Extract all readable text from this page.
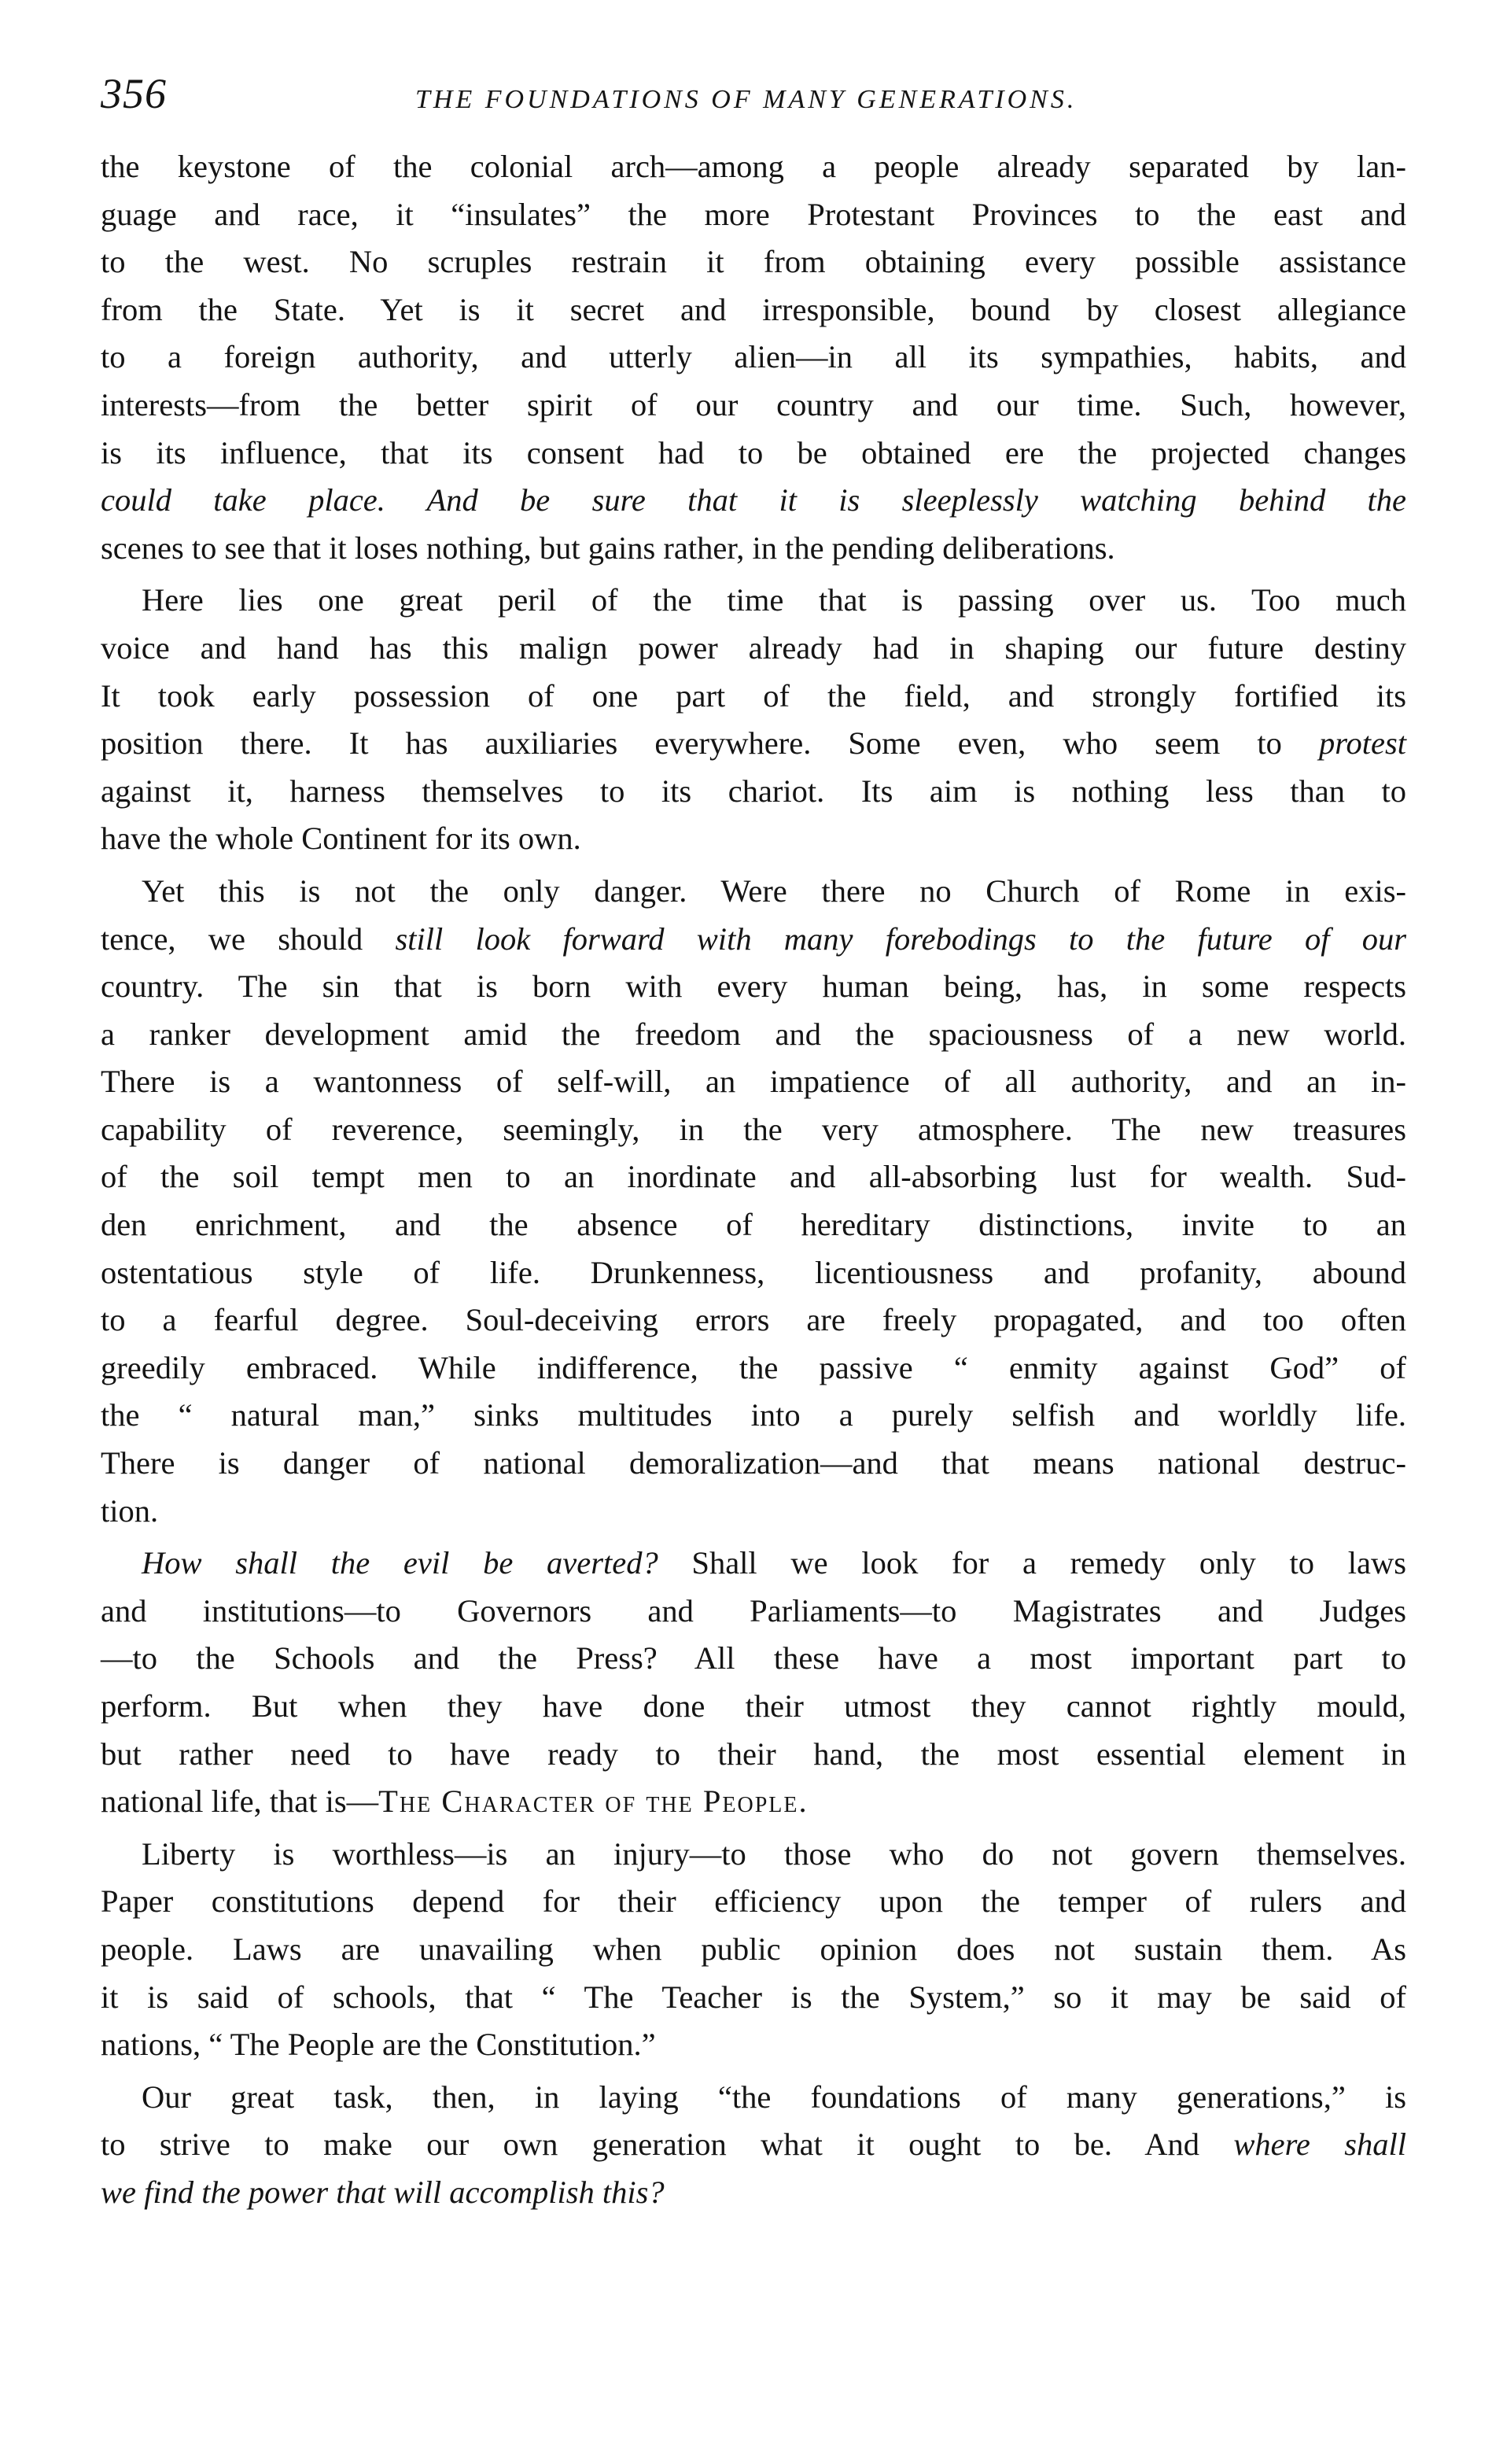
356	THE FOUNDATIONS OF MANY GENERATIONS.
the keystone of the colonial arch—among a people already separated by lan-
guage and race, it “insulates” the more Protestant Provinces to the east and
to the west. No scruples restrain it from obtaining every possible assistance
from the State. Yet is it secret and irresponsible, bound by closest allegiance
to a foreign authority, and utterly alien—in all its sympathies, habits, and
interests—from the better spirit of our country and our time. Such, however,
is its influence, that its consent had to be obtained ere the projected changes
could take place. And be sure that it is sleeplessly watching behind the
scenes to see that it loses nothing, but gains rather, in the pending deliberations.
Here lies one great peril of the time that is passing over us. Too much
voice and hand has this malign power already had in shaping our future destiny
It took early possession of one part of the field, and strongly fortified its
position there. It has auxiliaries everywhere. Some even, who seem to protest
against it, harness themselves to its chariot. Its aim is nothing less than to
have the whole Continent for its own.
Yet this is not the only danger. Were there no Church of Rome in exis-
tence, we should still look forward with many forebodings to the future of our
country. The sin that is born with every human being, has, in some respects
a ranker development amid the freedom and the spaciousness of a new world.
There is a wantonness of self-will, an impatience of all authority, and an in-
capability of reverence, seemingly, in the very atmosphere. The new treasures
of the soil tempt men to an inordinate and all-absorbing lust for wealth. Sud-
den enrichment, and the absence of hereditary distinctions, invite to an
ostentatious style of life. Drunkenness, licentiousness and profanity, abound
to a fearful degree. Soul-deceiving errors are freely propagated, and too often
greedily embraced. While indifference, the passive “ enmity against God” of
the “ natural man,” sinks multitudes into a purely selfish and worldly life.
There is danger of national demoralization—and that means national destruc-
tion.
How shall the evil be averted? Shall we look for a remedy only to laws
and institutions—to Governors and Parliaments—to Magistrates and Judges
—to the Schools and the Press? All these have a most important part to
perform. But when they have done their utmost they cannot rightly mould,
but rather need to have ready to their hand, the most essential element in
national life, that is—The Character of the People.
Liberty is worthless—is an injury—to those who do not govern themselves.
Paper constitutions depend for their efficiency upon the temper of rulers and
people. Laws are unavailing when public opinion does not sustain them. As
it is said of schools, that “ The Teacher is the System,” so it may be said of
nations, “ The People are the Constitution.”
Our great task, then, in laying “the foundations of many generations,” is
to strive to make our own generation what it ought to be. And where shall
we find the power that will accomplish this?
